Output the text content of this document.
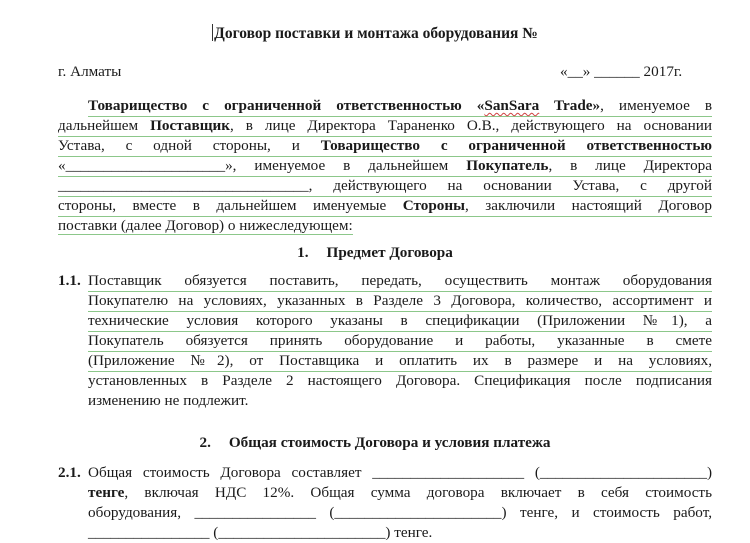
Договор поставки и монтажа оборудования №
г. Алматы	«__» ______ 2017г.
Товарищество с ограниченной ответственностью «SanSara Trade», именуемое в
дальнейшем Поставщик, в лице Директора Тараненко О.В., действующего на основании
Устава, с одной стороны, и Товарищество с ограниченной ответственностью
«_____________________», именуемое в дальнейшем Покупатель, в лице Директора
_________________________________, действующего на основании Устава, с другой
стороны, вместе в дальнейшем именуемые Стороны, заключили настоящий Договор
поставки (далее Договор) о нижеследующем:
1. Предмет Договора
1.1. Поставщик обязуется поставить, передать, осуществить монтаж оборудования
Покупателю на условиях, указанных в Разделе 3 Договора, количество, ассортимент и
технические условия которого указаны в спецификации (Приложении №1), а
Покупатель обязуется принять оборудование и работы, указанные в смете
(Приложение №2), от Поставщика и оплатить их в размере и на условиях,
установленных в Разделе 2 настоящего Договора. Спецификация после подписания
изменению не подлежит.
2. Общая стоимость Договора и условия платежа
2.1. Общая стоимость Договора составляет ____________________ (______________________)
тенге, включая НДС 12%. Общая сумма договора включает в себя стоимость
оборудования, ________________ (______________________) тенге, и стоимость работ,
________________ (______________________) тенге.
